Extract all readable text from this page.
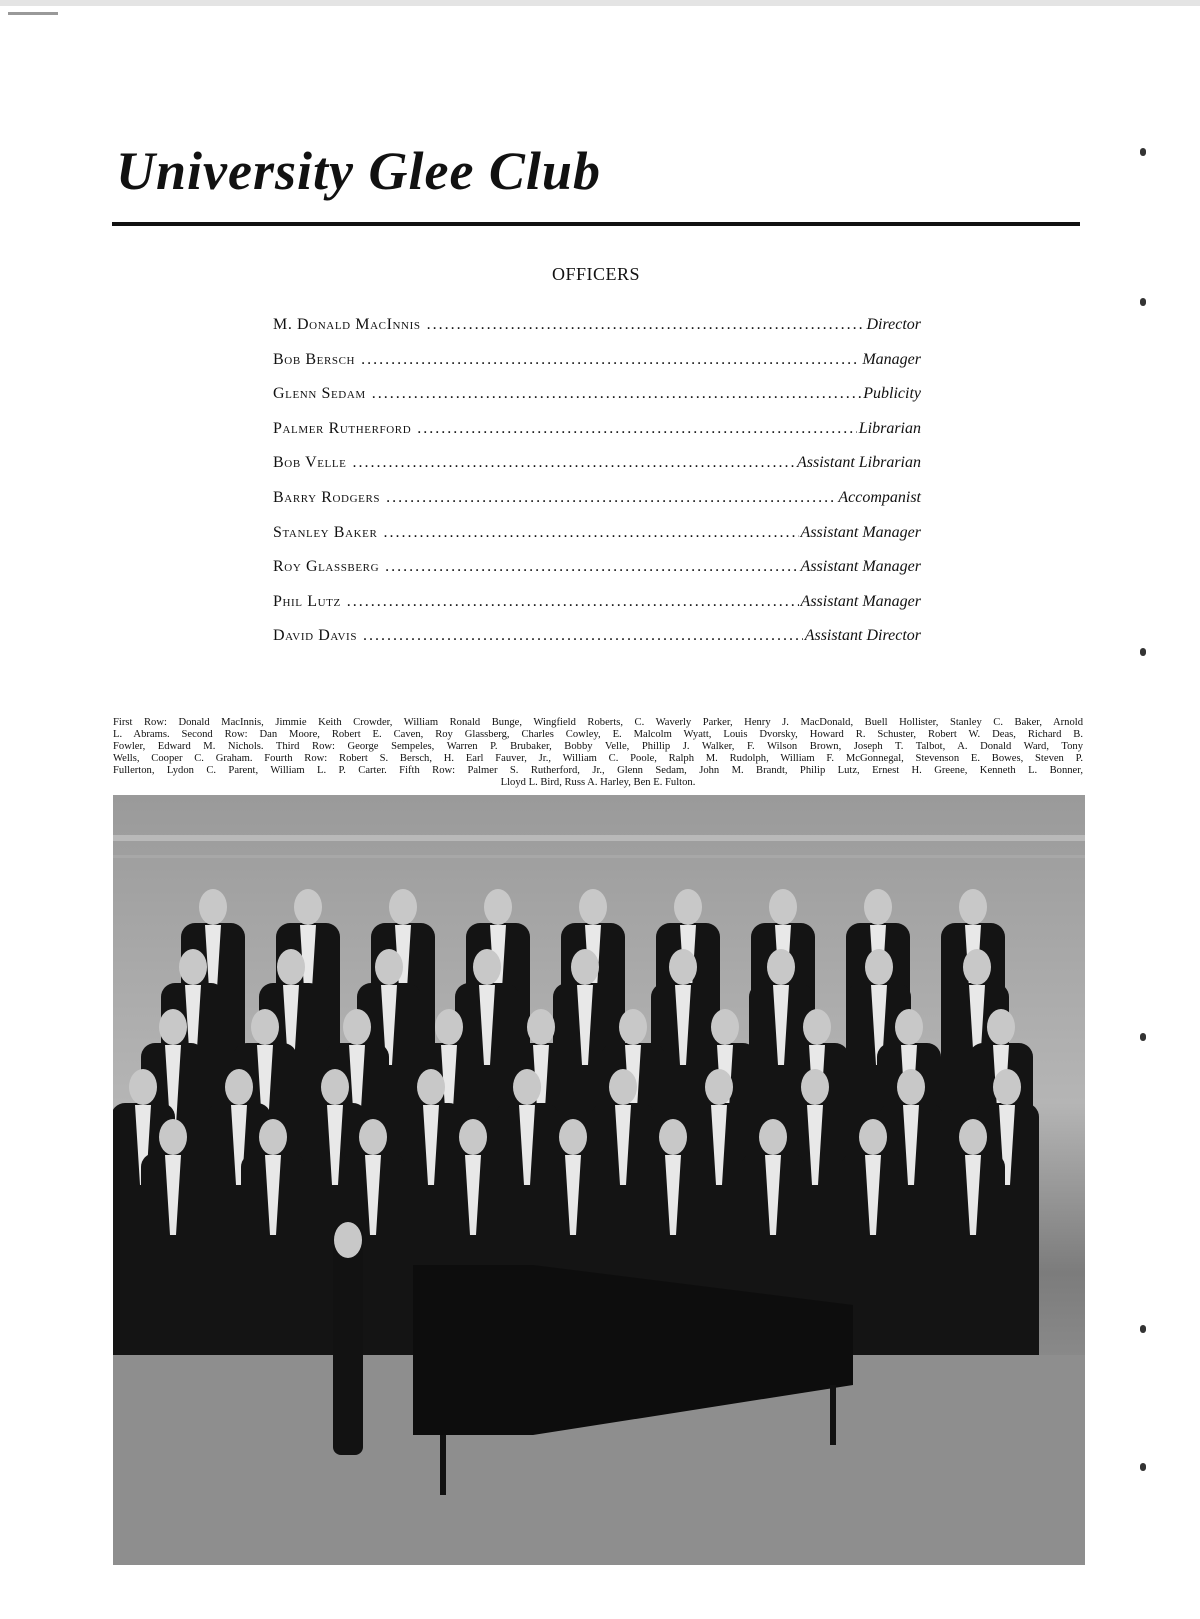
University Glee Club
OFFICERS
M. Donald MacInnis . . .	Director
Bob Bersch . . .	Manager
Glenn Sedam . . .	Publicity
Palmer Rutherford . . .	Librarian
Bob Velle . . .	Assistant Librarian
Barry Rodgers . . .	Accompanist
Stanley Baker . . .	Assistant Manager
Roy Glassberg . . .	Assistant Manager
Phil Lutz . . .	Assistant Manager
David Davis . . .	Assistant Director
First Row: Donald MacInnis, Jimmie Keith Crowder, William Ronald Bunge, Wingfield Roberts, C. Waverly Parker, Henry J. MacDonald, Buell Hollister, Stanley C. Baker, Arnold
L. Abrams. Second Row: Dan Moore, Robert E. Caven, Roy Glassberg, Charles Cowley, E. Malcolm Wyatt, Louis Dvorsky, Howard R. Schuster, Robert W. Deas, Richard B.
Fowler, Edward M. Nichols. Third Row: George Sempeles, Warren P. Brubaker, Bobby Velle, Phillip J. Walker, F. Wilson Brown, Joseph T. Talbot, A. Donald Ward, Tony
Wells, Cooper C. Graham. Fourth Row: Robert S. Bersch, H. Earl Fauver, Jr., William C. Poole, Ralph M. Rudolph, William F. McGonnegal, Stevenson E. Bowes, Steven P.
Fullerton, Lydon C. Parent, William L. P. Carter. Fifth Row: Palmer S. Rutherford, Jr., Glenn Sedam, John M. Brandt, Philip Lutz, Ernest H. Greene, Kenneth L. Bonner,
Lloyd L. Bird, Russ A. Harley, Ben E. Fulton.
